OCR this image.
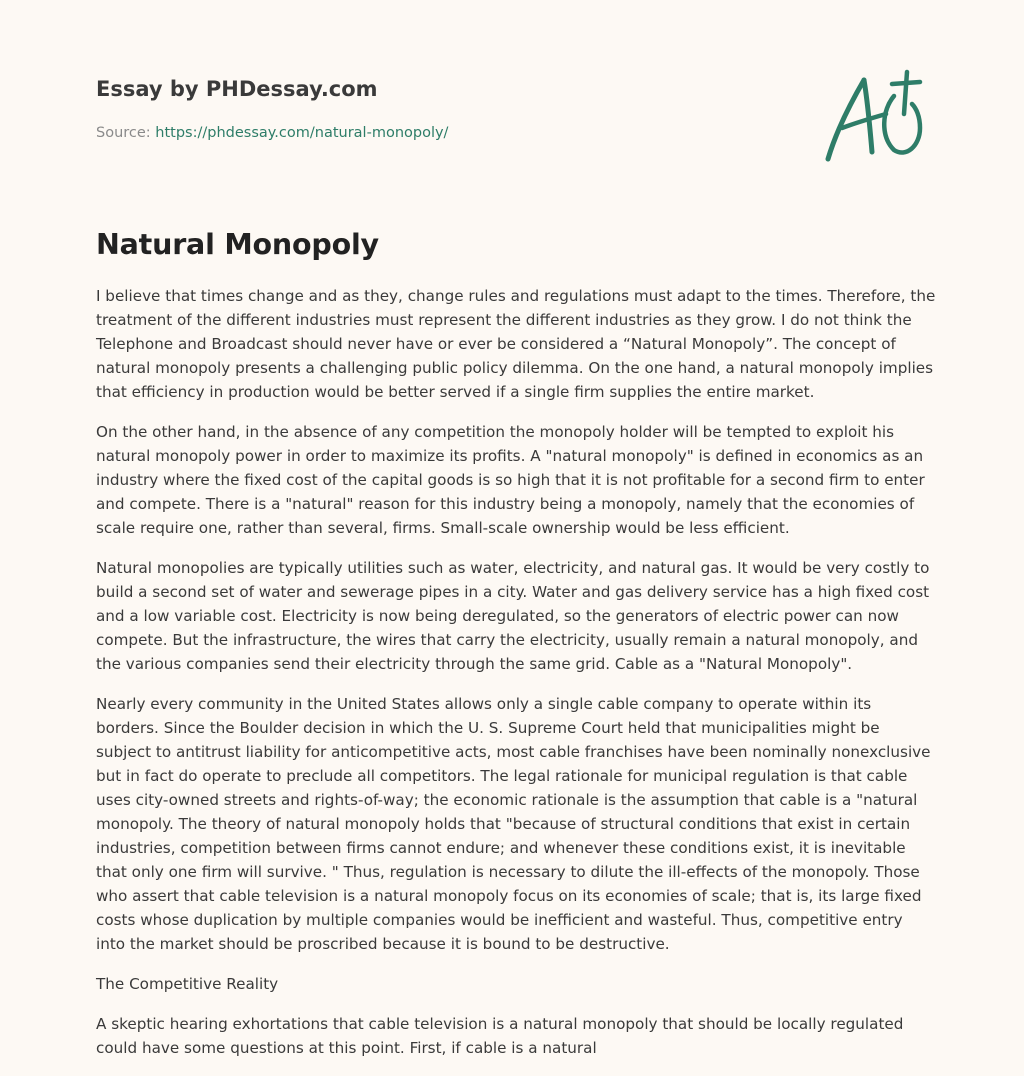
Essay by PHDessay.com
Source: https://phdessay.com/natural-monopoly/
Natural Monopoly

I believe that times change and as they, change rules and regulations must adapt to the times. Therefore, the treatment of the different industries must represent the different industries as they grow. I do not think the Telephone and Broadcast should never have or ever be considered a “Natural Monopoly”. The concept of natural monopoly presents a challenging public policy dilemma. On the one hand, a natural monopoly implies that efficiency in production would be better served if a single firm supplies the entire market.

On the other hand, in the absence of any competition the monopoly holder will be tempted to exploit his natural monopoly power in order to maximize its profits. A "natural monopoly" is defined in economics as an industry where the fixed cost of the capital goods is so high that it is not profitable for a second firm to enter and compete. There is a "natural" reason for this industry being a monopoly, namely that the economies of scale require one, rather than several, firms. Small-scale ownership would be less efficient.

Natural monopolies are typically utilities such as water, electricity, and natural gas. It would be very costly to build a second set of water and sewerage pipes in a city. Water and gas delivery service has a high fixed cost and a low variable cost. Electricity is now being deregulated, so the generators of electric power can now compete. But the infrastructure, the wires that carry the electricity, usually remain a natural monopoly, and the various companies send their electricity through the same grid. Cable as a "Natural Monopoly".

Nearly every community in the United States allows only a single cable company to operate within its borders. Since the Boulder decision in which the U. S. Supreme Court held that municipalities might be subject to antitrust liability for anticompetitive acts, most cable franchises have been nominally nonexclusive but in fact do operate to preclude all competitors. The legal rationale for municipal regulation is that cable uses city-owned streets and rights-of-way; the economic rationale is the assumption that cable is a "natural monopoly. The theory of natural monopoly holds that "because of structural conditions that exist in certain industries, competition between firms cannot endure; and whenever these conditions exist, it is inevitable that only one firm will survive. " Thus, regulation is necessary to dilute the ill-effects of the monopoly. Those who assert that cable television is a natural monopoly focus on its economies of scale; that is, its large fixed costs whose duplication by multiple companies would be inefficient and wasteful. Thus, competitive entry into the market should be proscribed because it is bound to be destructive.

The Competitive Reality

A skeptic hearing exhortations that cable television is a natural monopoly that should be locally regulated could have some questions at this point. First, if cable is a natural
